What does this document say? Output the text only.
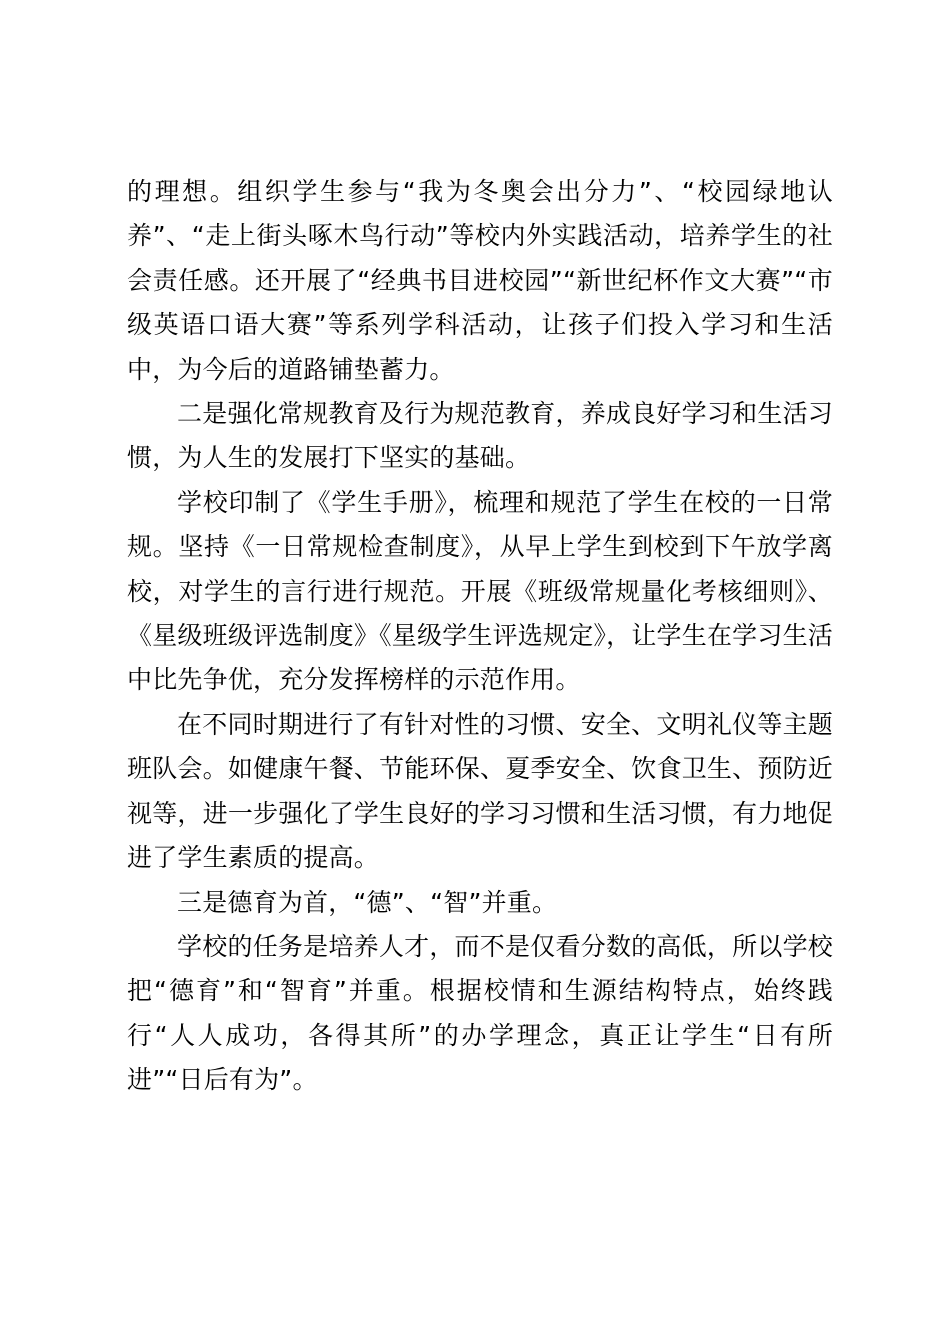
的理想。组织学生参与“我为冬奥会出分力”、“校园绿地认养”、“走上街头啄木鸟行动”等校内外实践活动，培养学生的社会责任感。还开展了“经典书目进校园”“新世纪杯作文大赛”“市级英语口语大赛”等系列学科活动，让孩子们投入学习和生活中，为今后的道路铺垫蓄力。

二是强化常规教育及行为规范教育，养成良好学习和生活习惯，为人生的发展打下坚实的基础。

学校印制了《学生手册》，梳理和规范了学生在校的一日常规。坚持《一日常规检查制度》，从早上学生到校到下午放学离校，对学生的言行进行规范。开展《班级常规量化考核细则》、《星级班级评选制度》《星级学生评选规定》，让学生在学习生活中比先争优，充分发挥榜样的示范作用。

在不同时期进行了有针对性的习惯、安全、文明礼仪等主题班队会。如健康午餐、节能环保、夏季安全、饮食卫生、预防近视等，进一步强化了学生良好的学习习惯和生活习惯，有力地促进了学生素质的提高。

三是德育为首，“德”、“智”并重。

学校的任务是培养人才，而不是仅看分数的高低，所以学校把“德育”和“智育”并重。根据校情和生源结构特点，始终践行“人人成功，各得其所”的办学理念，真正让学生“日有所进”“日后有为”。
